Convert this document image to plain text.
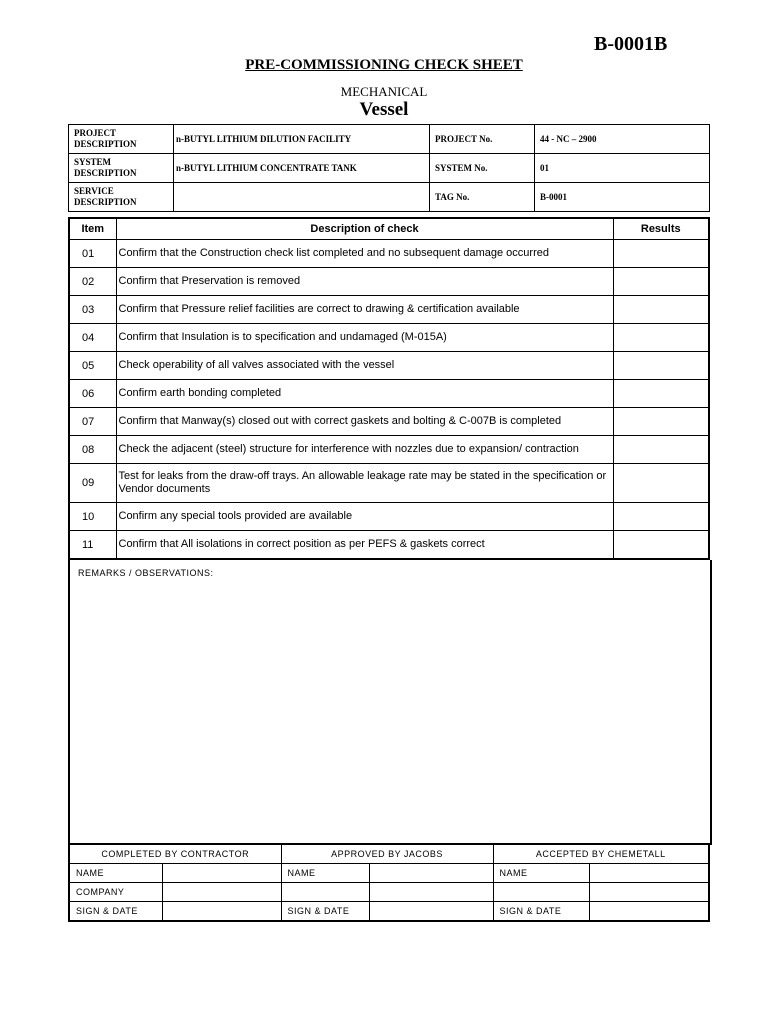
B-0001B
PRE-COMMISSIONING CHECK SHEET
MECHANICAL
Vessel
PROJECT DESCRIPTION	n-BUTYL LITHIUM DILUTION FACILITY	PROJECT No.	44 - NC – 2900
SYSTEM DESCRIPTION	n-BUTYL LITHIUM CONCENTRATE TANK	SYSTEM No.	01
SERVICE DESCRIPTION		TAG No.	B-0001
Item	Description of check	Results
01	Confirm that the Construction check list completed and no subsequent damage occurred	
02	Confirm that Preservation is removed	
03	Confirm that Pressure relief facilities are correct to drawing & certification available	
04	Confirm that Insulation is to specification and undamaged (M-015A)	
05	Check operability of all valves associated with the vessel	
06	Confirm earth bonding completed	
07	Confirm that Manway(s) closed out with correct gaskets and bolting & C-007B is completed	
08	Check the adjacent (steel) structure for interference with nozzles due to expansion/ contraction	
09	Test for leaks from the draw-off trays. An allowable leakage rate may be stated in the specification or Vendor documents	
10	Confirm any special tools provided are available	
11	Confirm that All isolations in correct position as per PEFS & gaskets correct	
REMARKS / OBSERVATIONS:
COMPLETED BY CONTRACTOR		APPROVED BY JACOBS		ACCEPTED BY CHEMETALL	
NAME		NAME		NAME	
COMPANY					
SIGN & DATE		SIGN & DATE		SIGN & DATE	
